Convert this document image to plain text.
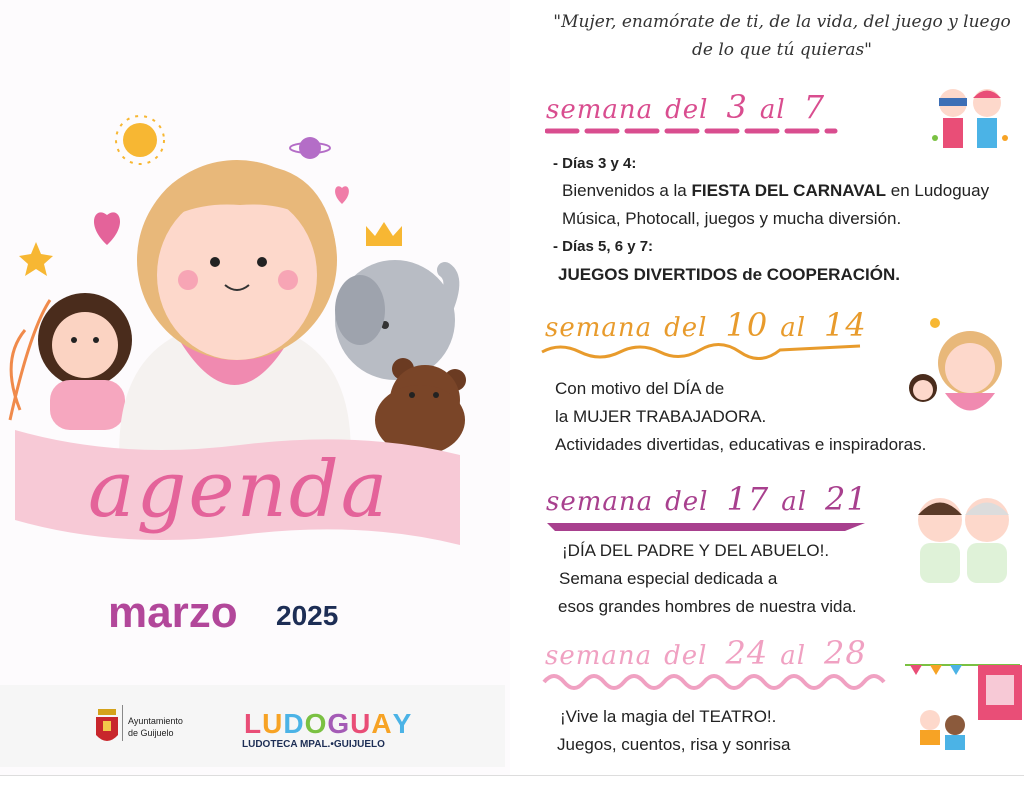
agenda
marzo 2025
Ayuntamiento
de Guijuelo	LUDOGUAY
LUDOTECA MPAL.•GUIJUELO
"Mujer, enamórate de ti, de la vida, del juego y luego
de lo que tú quieras"
semana del 3 al 7
- Días 3 y 4:
Bienvenidos a la FIESTA DEL CARNAVAL en Ludoguay
Música, Photocall, juegos y mucha diversión.
- Días 5, 6 y 7:
JUEGOS DIVERTIDOS de COOPERACIÓN.
semana del 10 al 14
Con motivo del DÍA de
la MUJER TRABAJADORA.
Actividades divertidas, educativas e inspiradoras.
semana del 17 al 21
¡DÍA DEL PADRE Y DEL ABUELO!.
Semana especial dedicada a
esos grandes hombres de nuestra vida.
semana del 24 al 28
¡Vive la magia del TEATRO!.
Juegos, cuentos, risa y sonrisa
